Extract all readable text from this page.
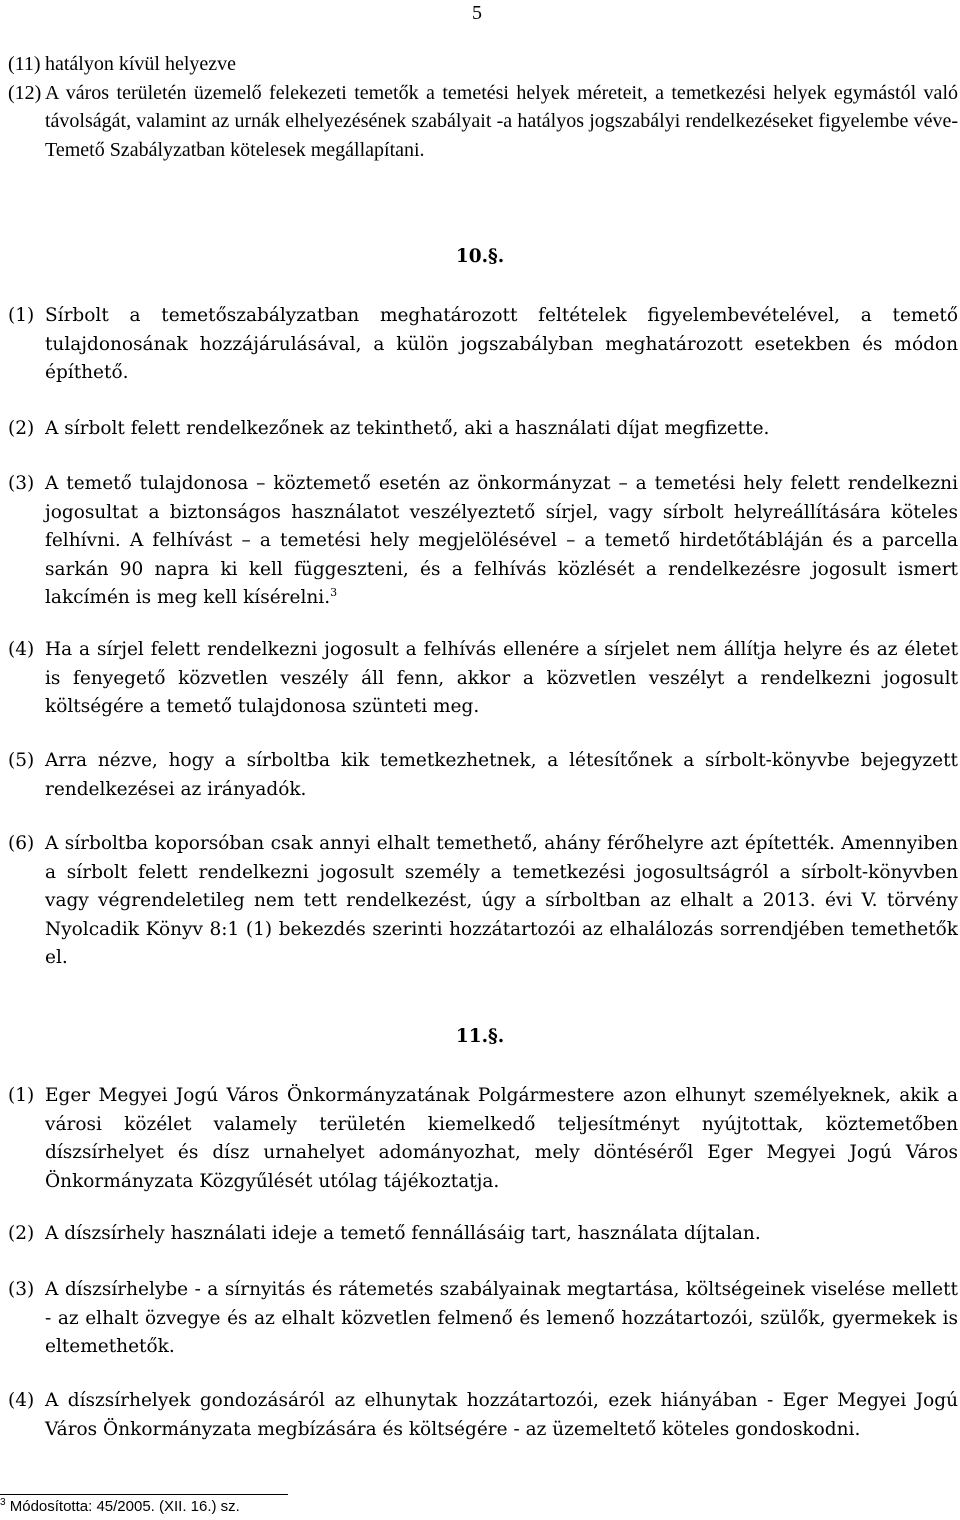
5

(11) hatályon kívül helyezve

(12) A város területén üzemelő felekezeti temetők a temetési helyek méreteit, a temetkezési helyek egymástól való távolságát, valamint az urnák elhelyezésének szabályait -a hatályos jogszabályi rendelkezéseket figyelembe véve- Temető Szabályzatban kötelesek megállapítani.

10.§.

(1) Sírbolt a temetőszabályzatban meghatározott feltételek figyelembevételével, a temető tulajdonosának hozzájárulásával, a külön jogszabályban meghatározott esetekben és módon építhető.

(2) A sírbolt felett rendelkezőnek az tekinthető, aki a használati díjat megfizette.

(3) A temető tulajdonosa – köztemető esetén az önkormányzat – a temetési hely felett rendelkezni jogosultat a biztonságos használatot veszélyeztető sírjel, vagy sírbolt helyreállítására köteles felhívni. A felhívást – a temetési hely megjelölésével – a temető hirdetőtábláján és a parcella sarkán 90 napra ki kell függeszteni, és a felhívás közlését a rendelkezésre jogosult ismert lakcímén is meg kell kísérelni.$^3$

(4) Ha a sírjel felett rendelkezni jogosult a felhívás ellenére a sírjelet nem állítja helyre és az életet is fenyegető közvetlen veszély áll fenn, akkor a közvetlen veszélyt a rendelkezni jogosult költségére a temető tulajdonosa szünteti meg.

(5) Arra nézve, hogy a sírboltba kik temetkezhetnek, a létesítőnek a sírbolt-könyvbe bejegyzett rendelkezései az irányadók.

(6) A sírboltba koporsóban csak annyi elhalt temethető, ahány férőhelyre azt építették. Amennyiben a sírbolt felett rendelkezni jogosult személy a temetkezési jogosultságról a sírbolt-könyvben vagy végrendeletileg nem tett rendelkezést, úgy a sírboltban az elhalt a 2013. évi V. törvény Nyolcadik Könyv 8:1 (1) bekezdés szerinti hozzátartozói az elhalálozás sorrendjében temethetők el.

11.§.

(1) Eger Megyei Jogú Város Önkormányzatának Polgármestere azon elhunyt személyeknek, akik a városi közélet valamely területén kiemelkedő teljesítményt nyújtottak, köztemetőben díszsírhelyet és dísz urnahelyet adományozhat, mely döntéséről Eger Megyei Jogú Város Önkormányzata Közgyűlését utólag tájékoztatja.

(2) A díszsírhely használati ideje a temető fennállásáig tart, használata díjtalan.

(3) A díszsírhelybe - a sírnyitás és rátemetés szabályainak megtartása, költségeinek viselése mellett - az elhalt özvegye és az elhalt közvetlen felmenő és lemenő hozzátartozói, szülők, gyermekek is eltemethetők.

(4) A díszsírhelyek gondozásáról az elhunytak hozzátartozói, ezek hiányában - Eger Megyei Jogú Város Önkormányzata megbízására és költségére - az üzemeltető köteles gondoskodni.

$^3$ Módosította: 45/2005. (XII. 16.) sz.
